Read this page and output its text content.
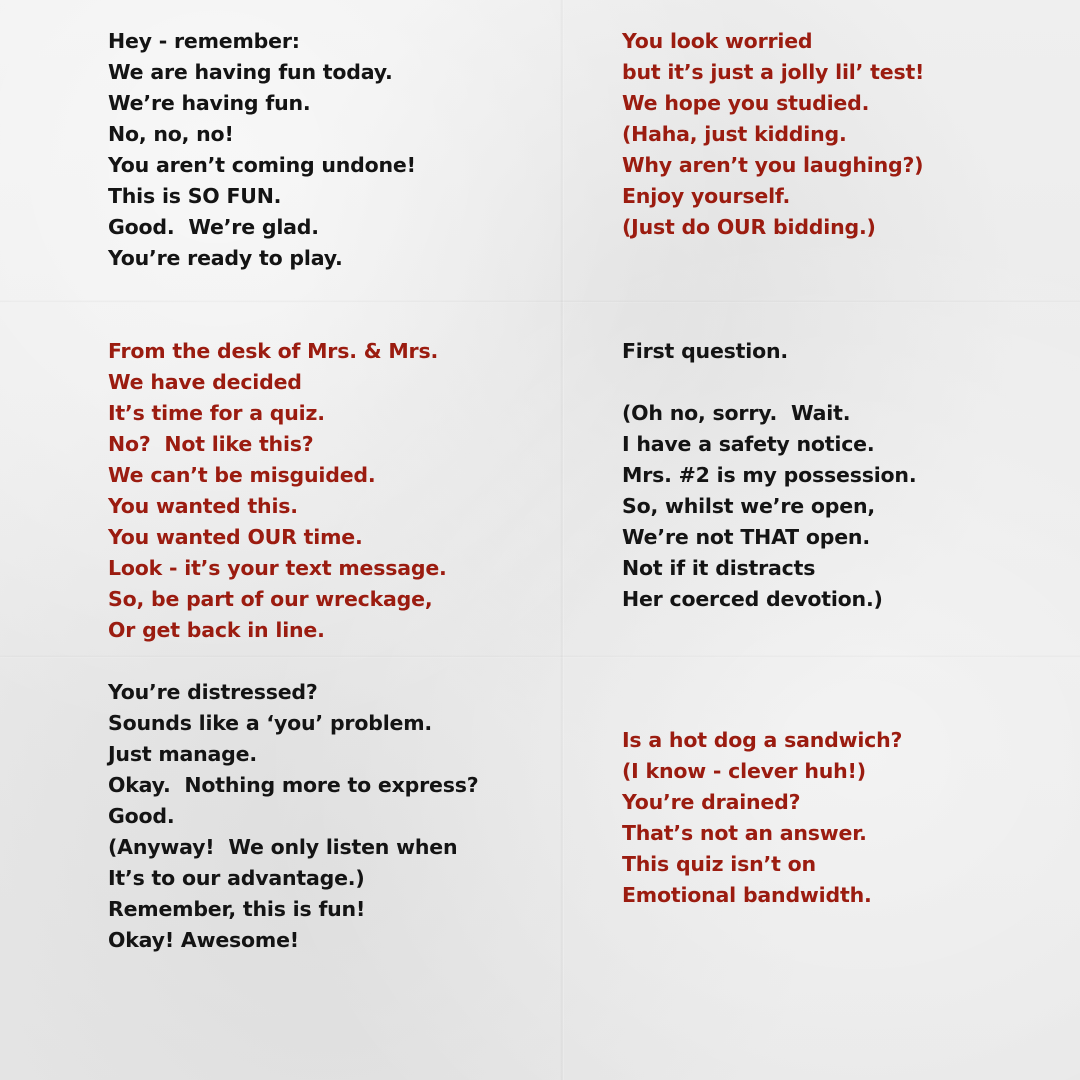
Hey - remember:
We are having fun today.
We’re having fun.
No, no, no!
You aren’t coming undone!
This is SO FUN.
Good.  We’re glad.
You’re ready to play.
You look worried
but it’s just a jolly lil’ test!
We hope you studied.
(Haha, just kidding.
Why aren’t you laughing?)
Enjoy yourself.
(Just do OUR bidding.)
From the desk of Mrs. & Mrs.
We have decided
It’s time for a quiz.
No?  Not like this?
We can’t be misguided.
You wanted this.
You wanted OUR time.
Look - it’s your text message.
So, be part of our wreckage,
Or get back in line.
First question.

(Oh no, sorry.  Wait.
I have a safety notice.
Mrs. #2 is my possession.
So, whilst we’re open,
We’re not THAT open.
Not if it distracts
Her coerced devotion.)
You’re distressed?
Sounds like a ‘you’ problem.
Just manage.
Okay.  Nothing more to express?
Good.
(Anyway!  We only listen when
It’s to our advantage.)
Remember, this is fun!
Okay! Awesome!
Is a hot dog a sandwich?
(I know - clever huh!)
You’re drained?
That’s not an answer.
This quiz isn’t on
Emotional bandwidth.
